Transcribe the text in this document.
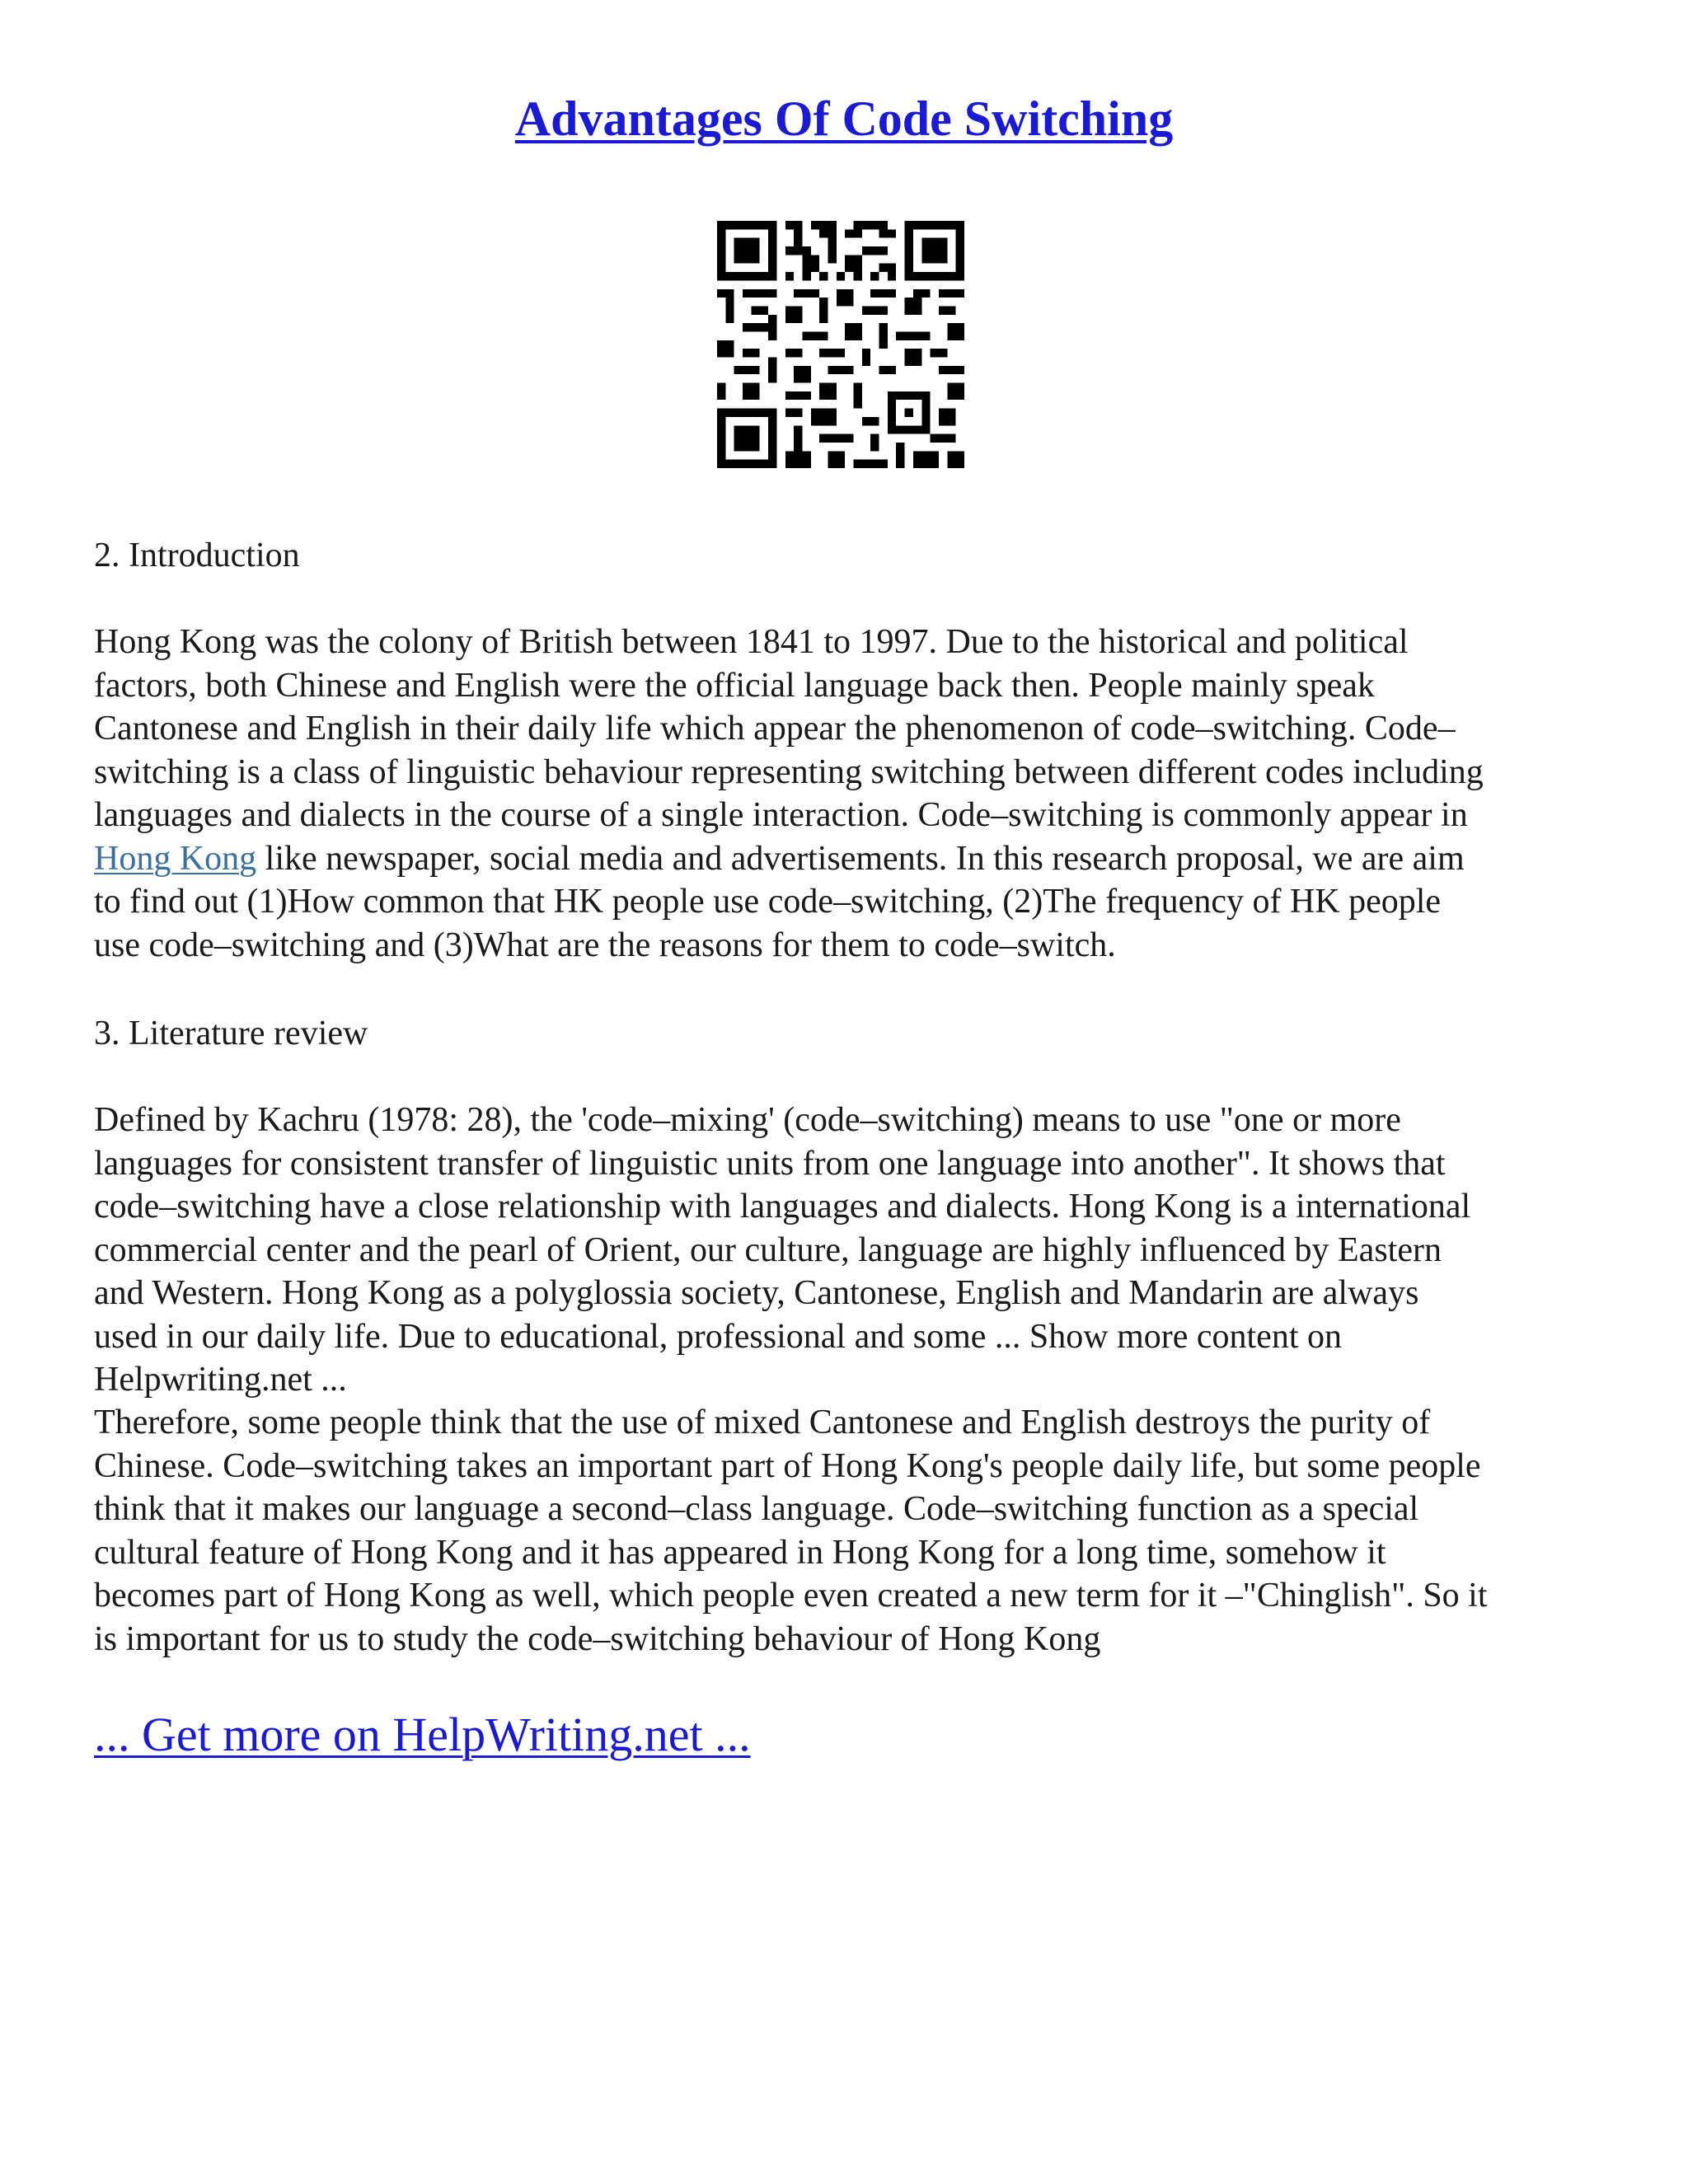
Advantages Of Code Switching

2. Introduction

Hong Kong was the colony of British between 1841 to 1997. Due to the historical and political
factors, both Chinese and English were the official language back then. People mainly speak
Cantonese and English in their daily life which appear the phenomenon of code–switching. Code–
switching is a class of linguistic behaviour representing switching between different codes including
languages and dialects in the course of a single interaction. Code–switching is commonly appear in
Hong Kong like newspaper, social media and advertisements. In this research proposal, we are aim
to find out (1)How common that HK people use code–switching, (2)The frequency of HK people
use code–switching and (3)What are the reasons for them to code–switch.

3. Literature review

Defined by Kachru (1978: 28), the 'code–mixing' (code–switching) means to use "one or more
languages for consistent transfer of linguistic units from one language into another". It shows that
code–switching have a close relationship with languages and dialects. Hong Kong is a international
commercial center and the pearl of Orient, our culture, language are highly influenced by Eastern
and Western. Hong Kong as a polyglossia society, Cantonese, English and Mandarin are always
used in our daily life. Due to educational, professional and some ... Show more content on
Helpwriting.net ...

Therefore, some people think that the use of mixed Cantonese and English destroys the purity of
Chinese. Code–switching takes an important part of Hong Kong's people daily life, but some people
think that it makes our language a second–class language. Code–switching function as a special
cultural feature of Hong Kong and it has appeared in Hong Kong for a long time, somehow it
becomes part of Hong Kong as well, which people even created a new term for it –"Chinglish". So it
is important for us to study the code–switching behaviour of Hong Kong

... Get more on HelpWriting.net ...
